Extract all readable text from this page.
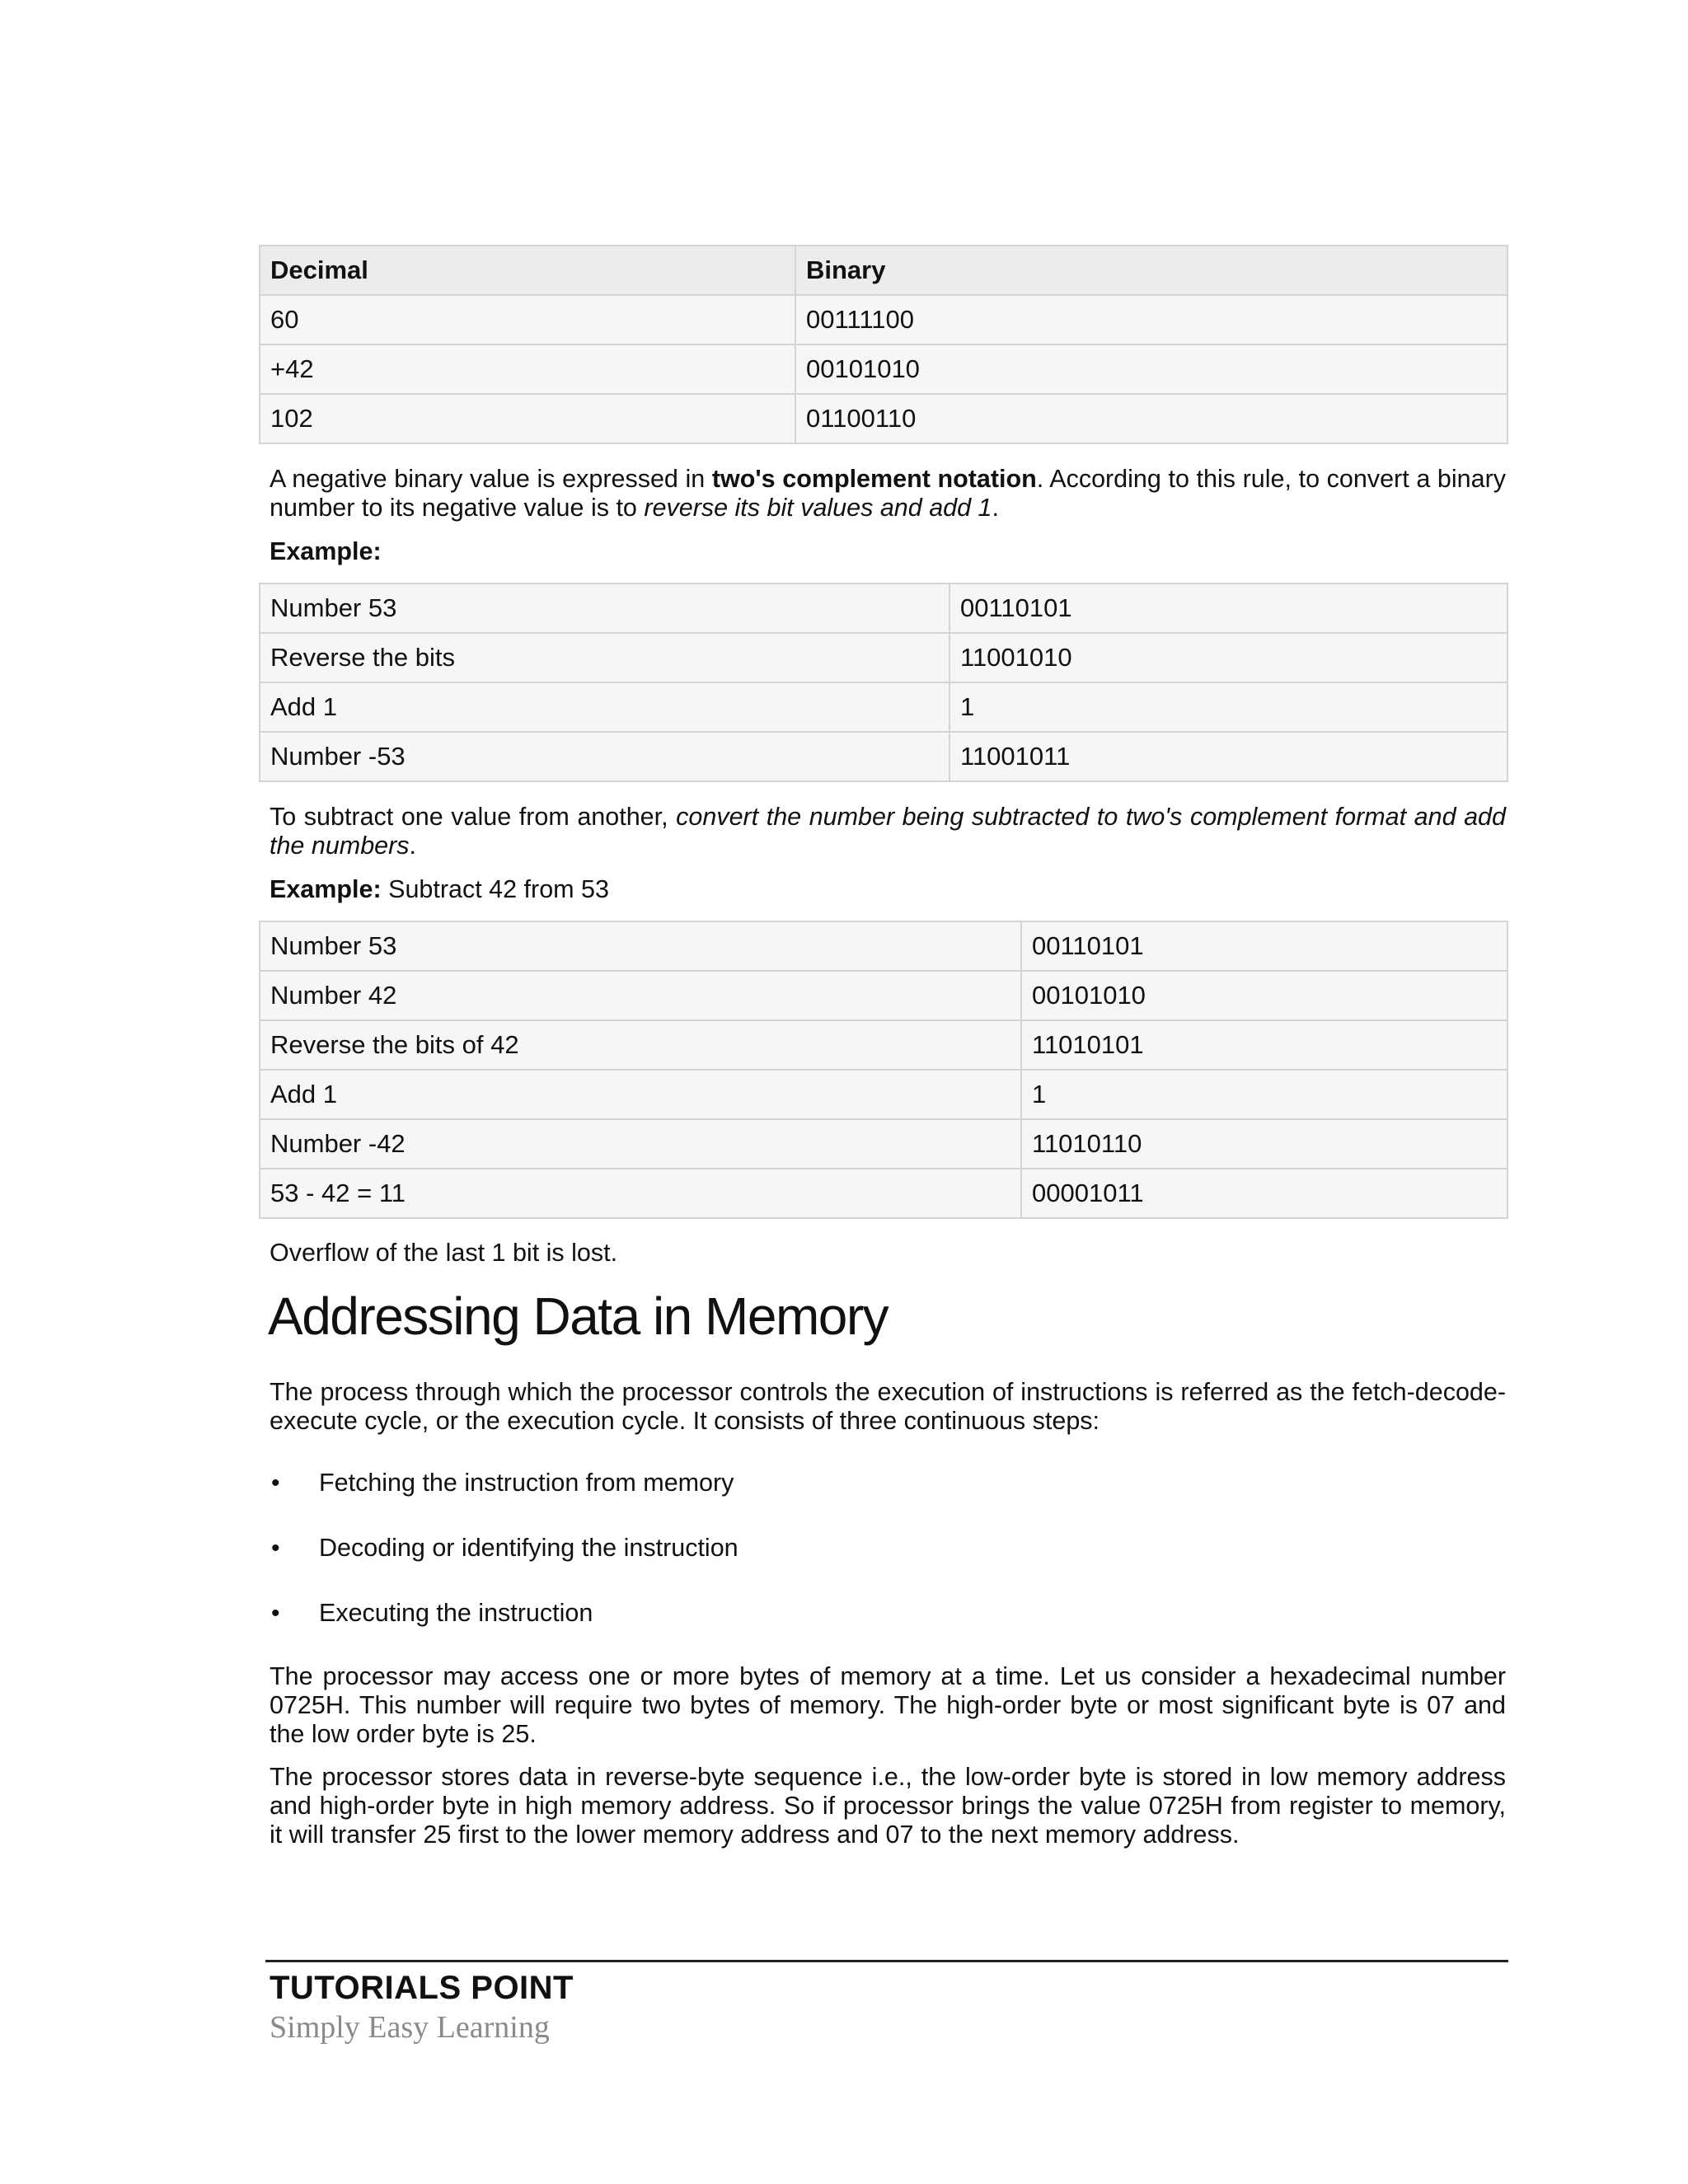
Decimal	Binary
60	00111100
+42	00101010
102	01100110

A negative binary value is expressed in two's complement notation. According to this rule, to convert a binary number to its negative value is to reverse its bit values and add 1.

Example:

Number 53	00110101
Reverse the bits	11001010
Add 1	1
Number -53	11001011

To subtract one value from another, convert the number being subtracted to two's complement format and add the numbers.

Example: Subtract 42 from 53

Number 53	00110101
Number 42	00101010
Reverse the bits of 42	11010101
Add 1	1
Number -42	11010110
53 - 42 = 11	00001011

Overflow of the last 1 bit is lost.

Addressing Data in Memory

The process through which the processor controls the execution of instructions is referred as the fetch-decode-execute cycle, or the execution cycle. It consists of three continuous steps:

• Fetching the instruction from memory
• Decoding or identifying the instruction
• Executing the instruction

The processor may access one or more bytes of memory at a time. Let us consider a hexadecimal number 0725H. This number will require two bytes of memory. The high-order byte or most significant byte is 07 and the low order byte is 25.

The processor stores data in reverse-byte sequence i.e., the low-order byte is stored in low memory address and high-order byte in high memory address. So if processor brings the value 0725H from register to memory, it will transfer 25 first to the lower memory address and 07 to the next memory address.

TUTORIALS POINT
Simply Easy Learning
